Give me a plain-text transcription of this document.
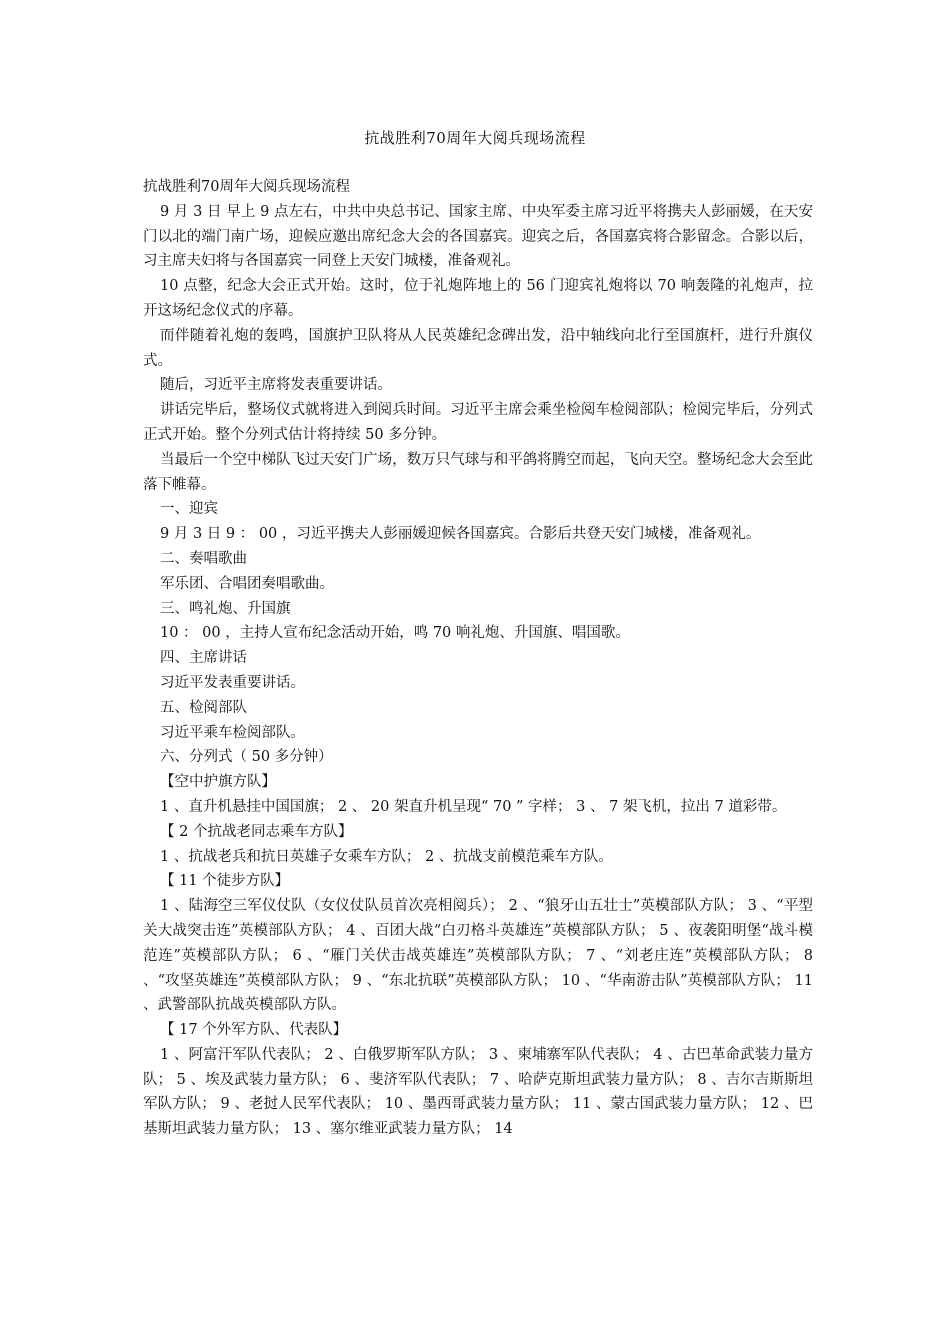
抗战胜利70周年大阅兵现场流程

抗战胜利70周年大阅兵现场流程

9 月 3 日 早上 9 点左右，中共中央总书记、国家主席、中央军委主席习近平将携夫人彭丽媛，在天安门以北的端门南广场，迎候应邀出席纪念大会的各国嘉宾。迎宾之后，各国嘉宾将合影留念。合影以后，习主席夫妇将与各国嘉宾一同登上天安门城楼，准备观礼。

10 点整，纪念大会正式开始。这时，位于礼炮阵地上的 56 门迎宾礼炮将以 70 响轰隆的礼炮声，拉开这场纪念仪式的序幕。

而伴随着礼炮的轰鸣，国旗护卫队将从人民英雄纪念碑出发，沿中轴线向北行至国旗杆，进行升旗仪式。

随后，习近平主席将发表重要讲话。

讲话完毕后，整场仪式就将进入到阅兵时间。习近平主席会乘坐检阅车检阅部队；检阅完毕后，分列式正式开始。整个分列式估计将持续 50 多分钟。

当最后一个空中梯队飞过天安门广场，数万只气球与和平鸽将腾空而起，飞向天空。整场纪念大会至此落下帷幕。

一、迎宾

9 月 3 日 9 ： 00 ，习近平携夫人彭丽媛迎候各国嘉宾。合影后共登天安门城楼，准备观礼。

二、奏唱歌曲

军乐团、合唱团奏唱歌曲。

三、鸣礼炮、升国旗

10 ： 00 ，主持人宣布纪念活动开始，鸣 70 响礼炮、升国旗、唱国歌。

四、主席讲话

习近平发表重要讲话。

五、检阅部队

习近平乘车检阅部队。

六、分列式（ 50 多分钟）

【空中护旗方队】

1 、直升机悬挂中国国旗； 2 、 20 架直升机呈现“ 70 ” 字样； 3 、 7 架飞机，拉出 7 道彩带。

【 2 个抗战老同志乘车方队】

1 、抗战老兵和抗日英雄子女乘车方队； 2 、抗战支前模范乘车方队。

【 11 个徒步方队】

1 、陆海空三军仪仗队（女仪仗队员首次亮相阅兵）； 2 、“狼牙山五壮士”英模部队方队； 3 、“平型关大战突击连”英模部队方队； 4 、百团大战“白刃格斗英雄连”英模部队方队； 5 、夜袭阳明堡“战斗模范连”英模部队方队； 6 、“雁门关伏击战英雄连”英模部队方队； 7 、“刘老庄连”英模部队方队； 8 、“攻坚英雄连”英模部队方队； 9 、“东北抗联”英模部队方队； 10 、“华南游击队”英模部队方队； 11 、武警部队抗战英模部队方队。

【 17 个外军方队、代表队】

1 、阿富汗军队代表队； 2 、白俄罗斯军队方队； 3 、柬埔寨军队代表队； 4 、古巴革命武装力量方队； 5 、埃及武装力量方队； 6 、斐济军队代表队； 7 、哈萨克斯坦武装力量方队； 8 、吉尔吉斯斯坦军队方队； 9 、老挝人民军代表队； 10 、墨西哥武装力量方队； 11 、蒙古国武装力量方队； 12 、巴基斯坦武装力量方队； 13 、塞尔维亚武装力量方队； 14
